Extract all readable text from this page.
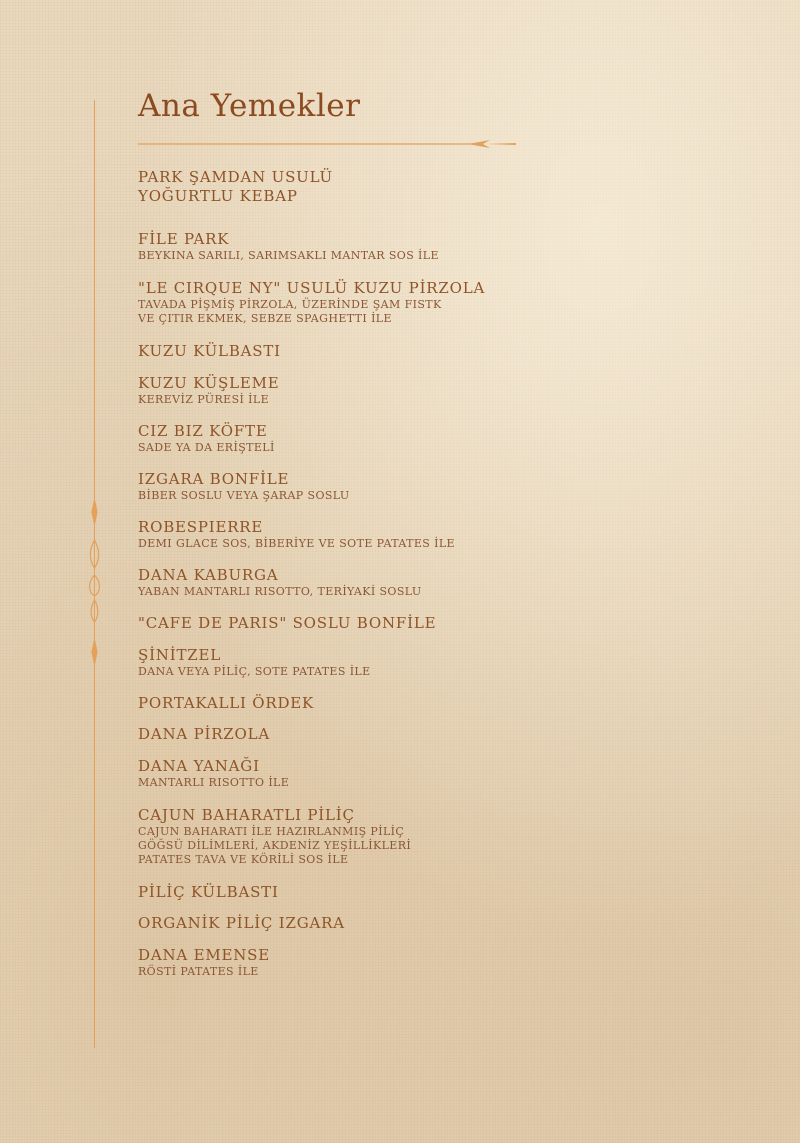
Ana Yemekler
PARK ŞAMDAN USULÜ
YOĞURTLU KEBAP
FİLE PARK
BEYKINA SARILI, SARIMSAKLI MANTAR SOS İLE
"LE CIRQUE NY" USULÜ KUZU PİRZOLA
TAVADA PİŞMİŞ PİRZOLA, ÜZERİNDE ŞAM FISTK
VE ÇITIR EKMEK, SEBZE SPAGHETTI İLE
KUZU KÜLBASTI
KUZU KÜŞLEME
KEREVİZ PÜRESİ İLE
CIZ BIZ KÖFTE
SADE YA DA ERİŞTELİ
IZGARA BONFİLE
BİBER SOSLU VEYA ŞARAP SOSLU
ROBESPIERRE
DEMI GLACE SOS, BİBERİYE VE SOTE PATATES İLE
DANA KABURGA
YABAN MANTARLI RISOTTO, TERİYAKİ SOSLU
"CAFE DE PARIS" SOSLU BONFİLE
ŞİNİTZEL
DANA VEYA PİLİÇ, SOTE PATATES İLE
PORTAKALLI ÖRDEK
DANA PİRZOLA
DANA YANAĞI
MANTARLI RISOTTO İLE
CAJUN BAHARATLI PİLİÇ
CAJUN BAHARATI İLE HAZIRLANMIŞ PİLİÇ
GÖĞSÜ DİLİMLERİ, AKDENİZ YEŞİLLİKLERİ
PATATES TAVA VE KÖRİLİ SOS İLE
PİLİÇ KÜLBASTI
ORGANİK PİLİÇ IZGARA
DANA EMENSE
RÖSTİ PATATES İLE
